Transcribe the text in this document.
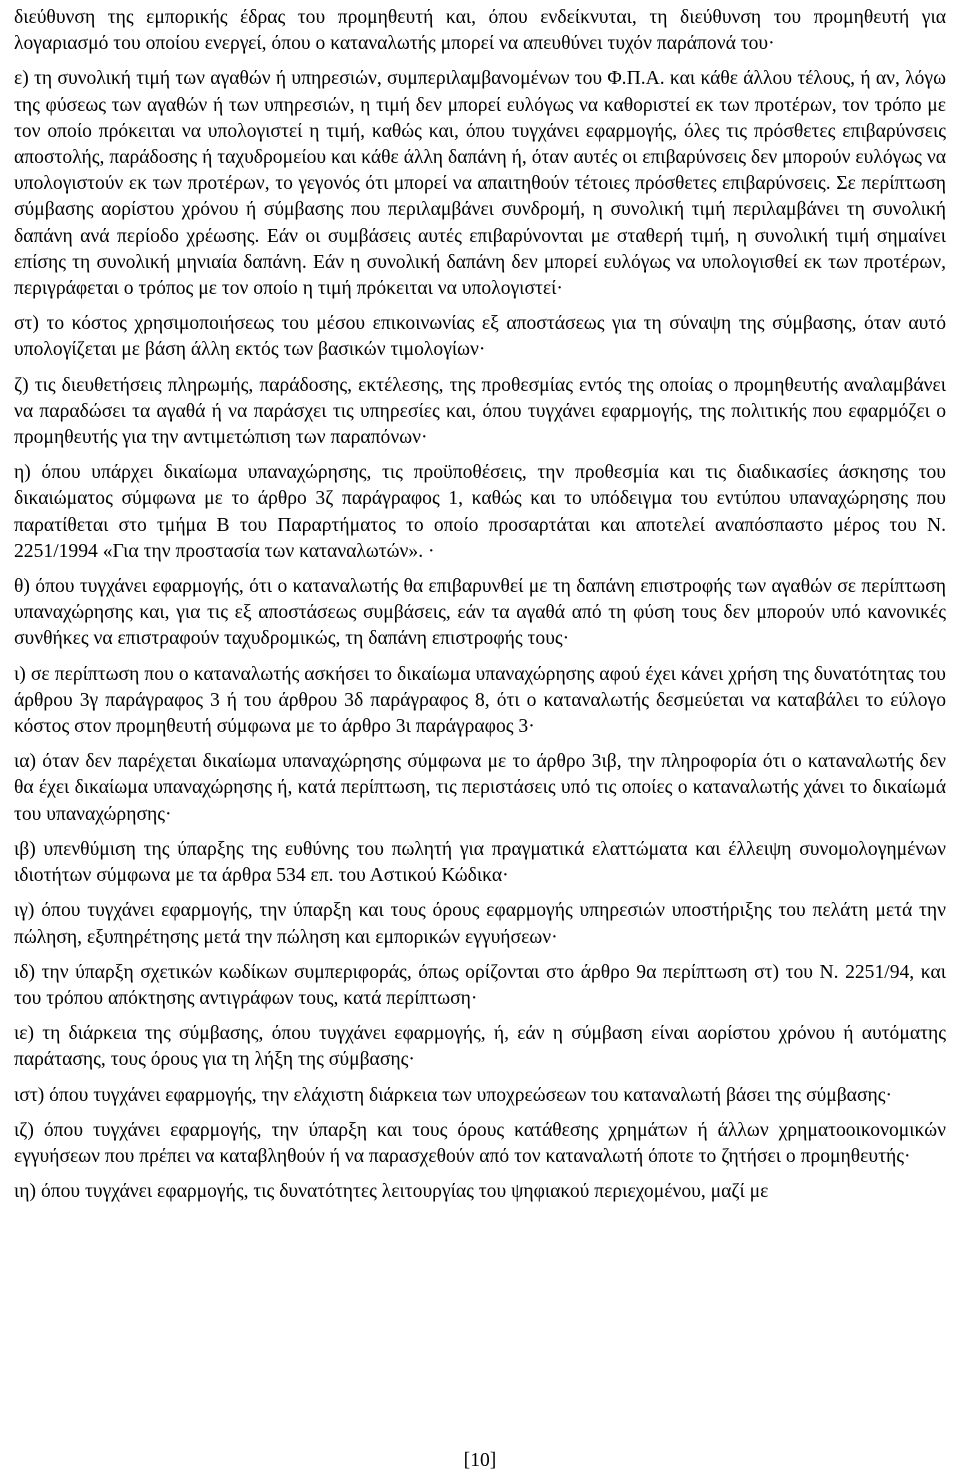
διεύθυνση της εμπορικής έδρας του προμηθευτή και, όπου ενδείκνυται, τη διεύθυνση του προμηθευτή για λογαριασμό του οποίου ενεργεί, όπου ο καταναλωτής μπορεί να απευθύνει τυχόν παράπονά του·

ε) τη συνολική τιμή των αγαθών ή υπηρεσιών, συμπεριλαμβανομένων του Φ.Π.Α. και κάθε άλλου τέλους, ή αν, λόγω της φύσεως των αγαθών ή των υπηρεσιών, η τιμή δεν μπορεί ευλόγως να καθοριστεί εκ των προτέρων, τον τρόπο με τον οποίο πρόκειται να υπολογιστεί η τιμή, καθώς και, όπου τυγχάνει εφαρμογής, όλες τις πρόσθετες επιβαρύνσεις αποστολής, παράδοσης ή ταχυδρομείου και κάθε άλλη δαπάνη ή, όταν αυτές οι επιβαρύνσεις δεν μπορούν ευλόγως να υπολογιστούν εκ των προτέρων, το γεγονός ότι μπορεί να απαιτηθούν τέτοιες πρόσθετες επιβαρύνσεις. Σε περίπτωση σύμβασης αορίστου χρόνου ή σύμβασης που περιλαμβάνει συνδρομή, η συνολική τιμή περιλαμβάνει τη συνολική δαπάνη ανά περίοδο χρέωσης. Εάν οι συμβάσεις αυτές επιβαρύνονται με σταθερή τιμή, η συνολική τιμή σημαίνει επίσης τη συνολική μηνιαία δαπάνη. Εάν η συνολική δαπάνη δεν μπορεί ευλόγως να υπολογισθεί εκ των προτέρων, περιγράφεται ο τρόπος με τον οποίο η τιμή πρόκειται να υπολογιστεί·

στ) το κόστος χρησιμοποιήσεως του μέσου επικοινωνίας εξ αποστάσεως για τη σύναψη της σύμβασης, όταν αυτό υπολογίζεται με βάση άλλη εκτός των βασικών τιμολογίων·

ζ) τις διευθετήσεις πληρωμής, παράδοσης, εκτέλεσης, της προθεσμίας εντός της οποίας ο προμηθευτής αναλαμβάνει να παραδώσει τα αγαθά ή να παράσχει τις υπηρεσίες και, όπου τυγχάνει εφαρμογής, της πολιτικής που εφαρμόζει ο προμηθευτής για την αντιμετώπιση των παραπόνων·

η) όπου υπάρχει δικαίωμα υπαναχώρησης, τις προϋποθέσεις, την προθεσμία και τις διαδικασίες άσκησης του δικαιώματος σύμφωνα με το άρθρο 3ζ παράγραφος 1, καθώς και το υπόδειγμα του εντύπου υπαναχώρησης που παρατίθεται στο τμήμα Β του Παραρτήματος το οποίο προσαρτάται και αποτελεί αναπόσπαστο μέρος του Ν. 2251/1994 «Για την προστασία των καταναλωτών». ·

θ) όπου τυγχάνει εφαρμογής, ότι ο καταναλωτής θα επιβαρυνθεί με τη δαπάνη επιστροφής των αγαθών σε περίπτωση υπαναχώρησης και, για τις εξ αποστάσεως συμβάσεις, εάν τα αγαθά από τη φύση τους δεν μπορούν υπό κανονικές συνθήκες να επιστραφούν ταχυδρομικώς, τη δαπάνη επιστροφής τους·

ι) σε περίπτωση που ο καταναλωτής ασκήσει το δικαίωμα υπαναχώρησης αφού έχει κάνει χρήση της δυνατότητας του άρθρου 3γ παράγραφος 3 ή του άρθρου 3δ παράγραφος 8, ότι ο καταναλωτής δεσμεύεται να καταβάλει το εύλογο κόστος στον προμηθευτή σύμφωνα με το άρθρο 3ι παράγραφος 3·

ια) όταν δεν παρέχεται δικαίωμα υπαναχώρησης σύμφωνα με το άρθρο 3ιβ, την πληροφορία ότι ο καταναλωτής δεν θα έχει δικαίωμα υπαναχώρησης ή, κατά περίπτωση, τις περιστάσεις υπό τις οποίες ο καταναλωτής χάνει το δικαίωμά του υπαναχώρησης·

ιβ) υπενθύμιση της ύπαρξης της ευθύνης του πωλητή για πραγματικά ελαττώματα και έλλειψη συνομολογημένων ιδιοτήτων σύμφωνα με τα άρθρα 534 επ. του Αστικού Κώδικα·

ιγ) όπου τυγχάνει εφαρμογής, την ύπαρξη και τους όρους εφαρμογής υπηρεσιών υποστήριξης του πελάτη μετά την πώληση, εξυπηρέτησης μετά την πώληση και εμπορικών εγγυήσεων·

ιδ) την ύπαρξη σχετικών κωδίκων συμπεριφοράς, όπως ορίζονται στο άρθρο 9α περίπτωση στ) του Ν. 2251/94, και του τρόπου απόκτησης αντιγράφων τους, κατά περίπτωση·

ιε) τη διάρκεια της σύμβασης, όπου τυγχάνει εφαρμογής, ή, εάν η σύμβαση είναι αορίστου χρόνου ή αυτόματης παράτασης, τους όρους για τη λήξη της σύμβασης·

ιστ) όπου τυγχάνει εφαρμογής, την ελάχιστη διάρκεια των υποχρεώσεων του καταναλωτή βάσει της σύμβασης·

ιζ) όπου τυγχάνει εφαρμογής, την ύπαρξη και τους όρους κατάθεσης χρημάτων ή άλλων χρηματοοικονομικών εγγυήσεων που πρέπει να καταβληθούν ή να παρασχεθούν από τον καταναλωτή όποτε το ζητήσει ο προμηθευτής·

ιη) όπου τυγχάνει εφαρμογής, τις δυνατότητες λειτουργίας του ψηφιακού περιεχομένου, μαζί με

[10]
